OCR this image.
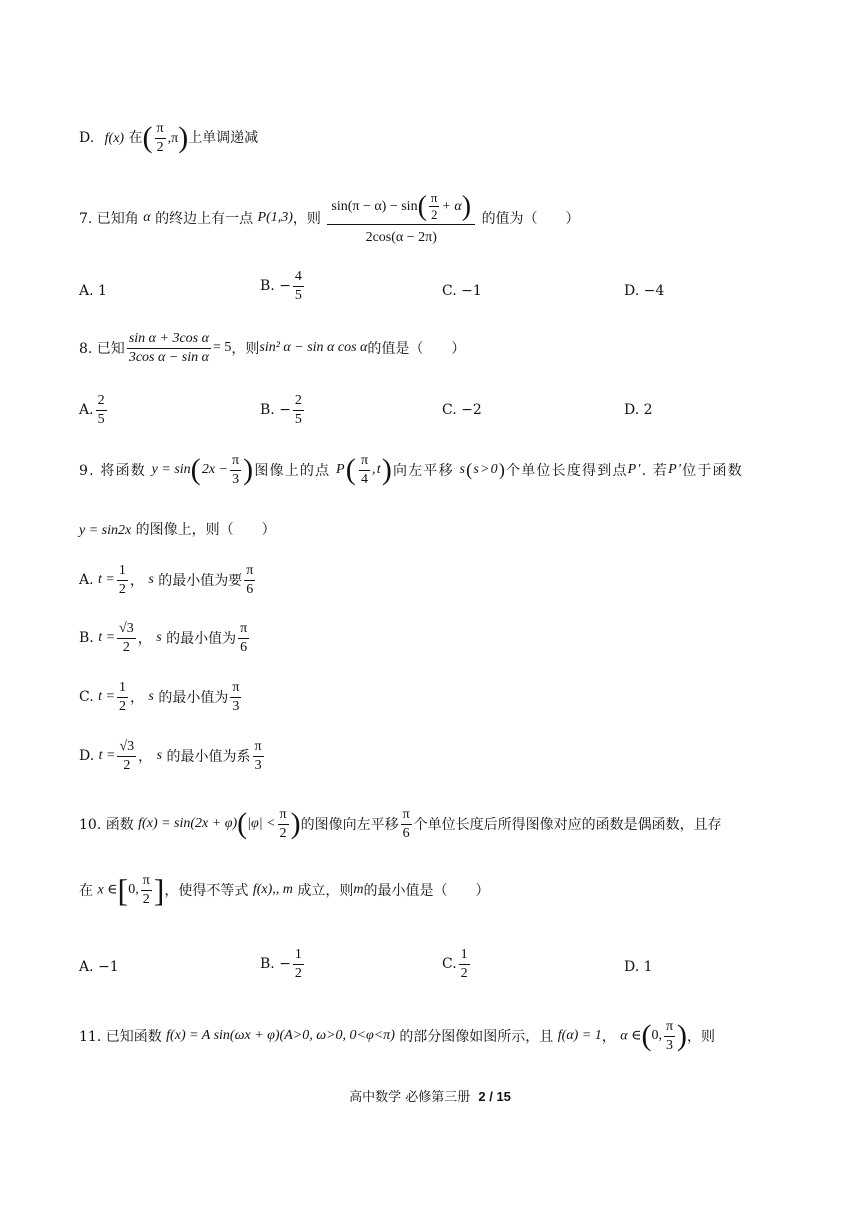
D. f(x) 在( $\frac{\pi}{2} ,\pi$)上单调递减
7. 已知角 α 的终边上有一点 P(1,3)，则 $\frac{\sin(\pi - \alpha) - \sin( \frac{\pi}{2} + \alpha)}{2\cos(\alpha - 2\pi)}$ 的值为（　　）
A. 1	B. − $\frac{4}{5}$	C. −1	D. −4
8. 已知 $\frac{\text{sin α + 3cos α}}{\text{3cos α − sin α}} = 5$，则sin² α − sin α cos α的值是（　　）
A. $\frac{2}{5}$	B. − $\frac{2}{5}$	C. −2	D. 2
9. 将函数 $y = \sin(2x - \frac{\pi}{3}$ )图像上的点 $P( \frac{\pi}{4} ,t)$向左平移 s(s>0)个单位长度得到点P'. 若P'位于函数
y = sin2x 的图像上，则（　　）
A. $t = \frac{1}{2}$ ， s 的最小值为要 $\frac{\pi}{6}$
B. $t = \frac{√3}{2}$ ， s 的最小值为 $\frac{\pi}{6}$
C. $t = \frac{1}{2}$ ， s 的最小值为 $\frac{\pi}{3}$
D. $t = \frac{√3}{2}$ ， s 的最小值为系 $\frac{\pi}{3}$
10. 函数 $f(x) = \sin(2x + \varphi)(|\varphi| < \frac{\pi}{2}$ )的图像向左平移 $\frac{\pi}{6}$ 个单位长度后所得图像对应的函数是偶函数，且存
在 x ∈[0, $\frac{\pi}{2}$ ]，使得不等式 f(x),, m 成立，则m的最小值是（　　）
A. −1	B. − $\frac{1}{2}$	C. $\frac{1}{2}$	D. 1
11. 已知函数 f(x) = A sin(ωx + φ)(A>0, ω>0, 0<φ<π) 的部分图像如图所示，且 f(α) = 1， α ∈(0, $\frac{\pi}{3}$ )，则
高中数学 必修第三册 2 / 15
